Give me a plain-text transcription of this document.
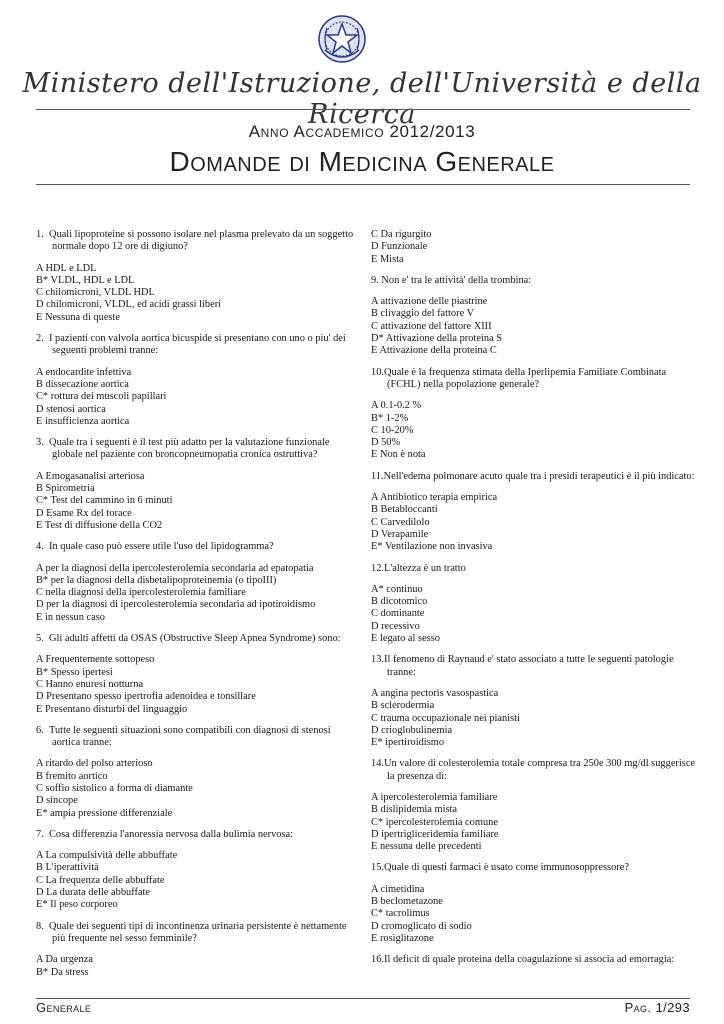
Ministero dell'Istruzione, dell'Università e della Ricerca
Anno Accademico 2012/2013
Domande di Medicina Generale
1. Quali lipoproteine si possono isolare nel plasma prelevato da un soggetto normale dopo 12 ore di digiuno?
A HDL e LDL
B* VLDL, HDL e LDL
C chilomicroni, VLDL HDL
D chilomicroni, VLDL, ed acidi grassi liberi
E Nessuna di queste
2. I pazienti con valvola aortica bicuspide si presentano con uno o piu' dei seguenti problemi tranne:
A endocardite infettiva
B dissecazione aortica
C* rottura dei muscoli papillari
D stenosi aortica
E insufficienza aortica
3. Quale tra i seguenti è il test più adatto per la valutazione funzionale globale nel paziente con broncopneumopatia cronica ostruttiva?
A Emogasanalisi arteriosa
B Spirometria
C* Test del cammino in 6 minuti
D Esame Rx del torace
E Test di diffusione della CO2
4. In quale caso può essere utile l'uso del lipidogramma?
A per la diagnosi della ipercolesterolemia secondaria ad epatopatia
B* per la diagnosi della disbetalipoproteinemia (o tipoIII)
C nella diagnosi della ipercolesterolemia familiare
D per la diagnosi di ipercolesterolemia secondaria ad ipotiroidismo
E in nessun caso
5. Gli adulti affetti da OSAS (Obstructive Sleep Apnea Syndrome) sono:
A Frequentemente sottopeso
B* Spesso ipertesi
C Hanno enuresi notturna
D Presentano spesso ipertrofia adenoidea e tonsillare
E Presentano disturbi del linguaggio
6. Tutte le seguenti situazioni sono compatibili con diagnosi di stenosi aortica tranne:
A ritardo del polso arterioso
B fremito aortico
C soffio sistolico a forma di diamante
D sincope
E* ampia pressione differenziale
7. Cosa differenzia l'anoressia nervosa dalla bulimia nervosa:
A La compulsività delle abbuffate
B L'iperattività
C La frequenza delle abbuffate
D La durata delle abbuffate
E* Il peso corporeo
8. Quale dei seguenti tipi di incontinenza urinaria persistente è nettamente più frequente nel sesso femminile?
A Da urgenza
B* Da stress
C Da rigurgito
D Funzionale
E Mista
9. Non e' tra le attività' della trombina:
A attivazione delle piastrine
B clivaggio del fattore V
C attivazione del fattore XIII
D* Attivazione della proteina S
E Attivazione della proteina C
10.Quale è la frequenza stimata della Iperlipemia Familiare Combinata (FCHL) nella popolazione generale?
A 0.1-0.2 %
B* 1-2%
C 10-20%
D 50%
E Non è nota
11.Nell'edema polmonare acuto quale tra i presidi terapeutici è il più indicato:
A Antibiotico terapia empirica
B Betabloccanti
C Carvedilolo
D Verapamile
E* Ventilazione non invasiva
12.L'altezza è un tratto
A* continuo
B dicotomico
C dominante
D recessivo
E legato al sesso
13.Il fenomeno di Raynaud e' stato associato a tutte le seguenti patologie tranne:
A angina pectoris vasospastica
B sclerodermia
C trauma occupazionale nei pianisti
D crioglobulinemia
E* ipertiroidismo
14.Un valore di colesterolemia totale compresa tra 250e 300 mg/dl suggerisce la presenza di:
A ipercolesterolemia familiare
B dislipidemia mista
C* ipercolesterolemia comune
D ipertrigliceridemia familiare
E nessuna delle precedenti
15.Quale di questi farmaci è usato come immunosoppressore?
A cimetidina
B beclometazone
C* tacrolimus
D cromoglicato di sodio
E rosiglitazone
16.Il deficit di quale proteina della coagulazione si associa ad emorragia:
Generale	Pag. 1/293
